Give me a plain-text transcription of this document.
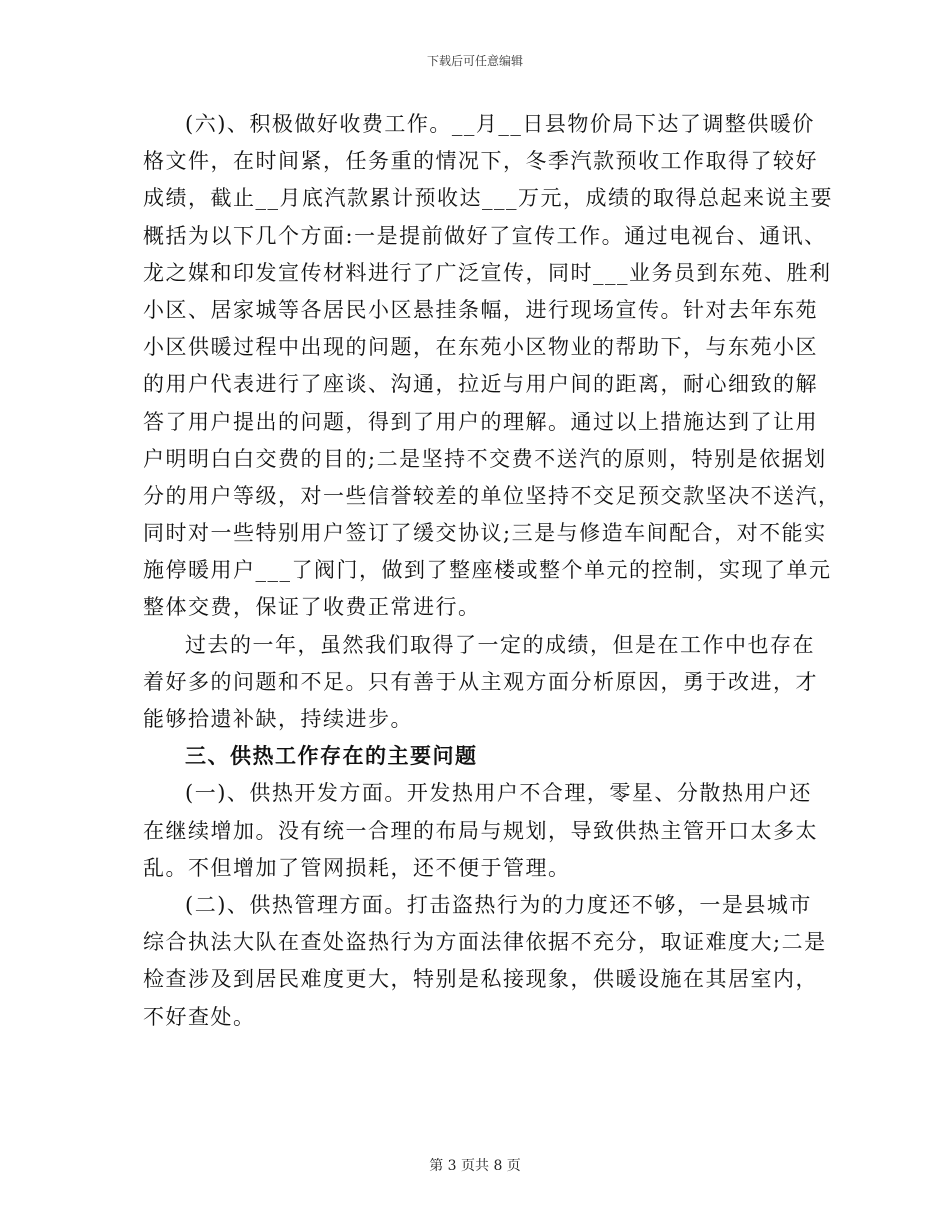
下载后可任意编辑
(六)、积极做好收费工作。__月__日县物价局下达了调整供暖价
格文件，在时间紧，任务重的情况下，冬季汽款预收工作取得了较好
成绩，截止__月底汽款累计预收达___万元，成绩的取得总起来说主要
概括为以下几个方面:一是提前做好了宣传工作。通过电视台、通讯、
龙之媒和印发宣传材料进行了广泛宣传，同时___业务员到东苑、胜利
小区、居家城等各居民小区悬挂条幅，进行现场宣传。针对去年东苑
小区供暖过程中出现的问题，在东苑小区物业的帮助下，与东苑小区
的用户代表进行了座谈、沟通，拉近与用户间的距离，耐心细致的解
答了用户提出的问题，得到了用户的理解。通过以上措施达到了让用
户明明白白交费的目的;二是坚持不交费不送汽的原则，特别是依据划
分的用户等级，对一些信誉较差的单位坚持不交足预交款坚决不送汽，
同时对一些特别用户签订了缓交协议;三是与修造车间配合，对不能实
施停暖用户___了阀门，做到了整座楼或整个单元的控制，实现了单元
整体交费，保证了收费正常进行。
过去的一年，虽然我们取得了一定的成绩，但是在工作中也存在
着好多的问题和不足。只有善于从主观方面分析原因，勇于改进，才
能够拾遗补缺，持续进步。
三、供热工作存在的主要问题
(一)、供热开发方面。开发热用户不合理，零星、分散热用户还
在继续增加。没有统一合理的布局与规划，导致供热主管开口太多太
乱。不但增加了管网损耗，还不便于管理。
(二)、供热管理方面。打击盗热行为的力度还不够，一是县城市
综合执法大队在查处盗热行为方面法律依据不充分，取证难度大;二是
检查涉及到居民难度更大，特别是私接现象，供暖设施在其居室内，
不好查处。
第 3 页共 8 页
